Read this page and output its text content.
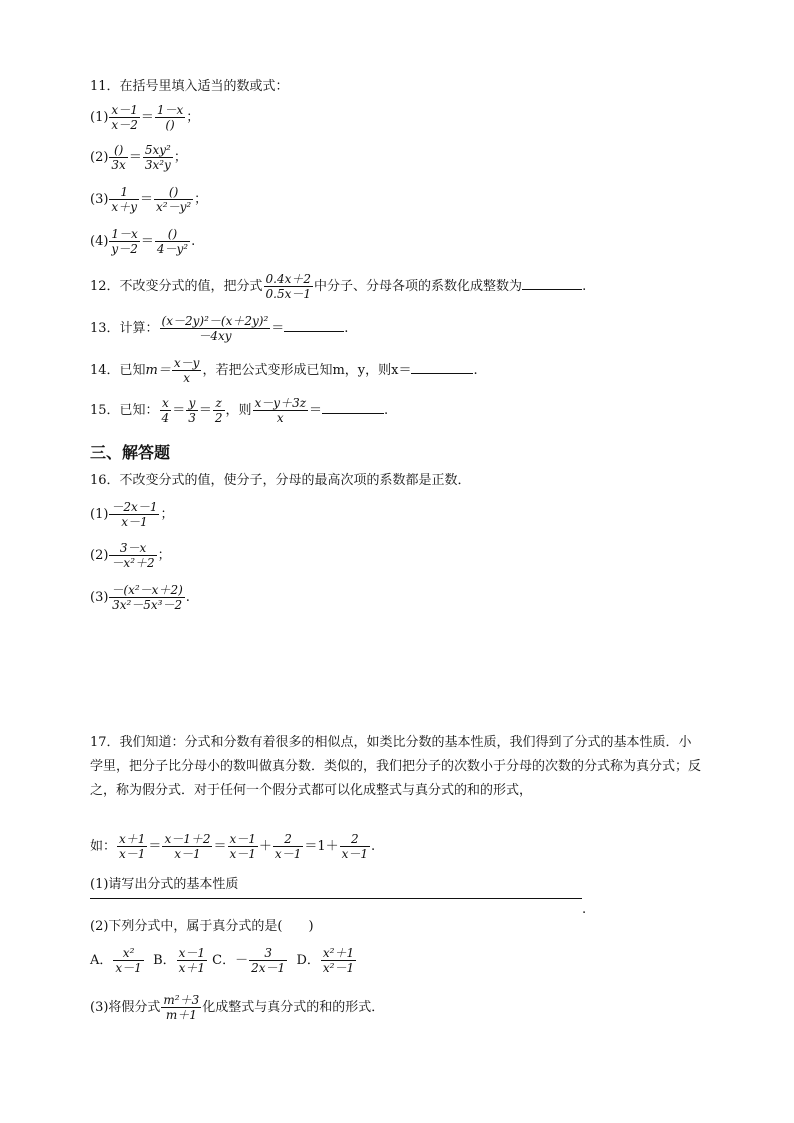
11．在括号里填入适当的数或式：
$(1) \frac{x-1}{x-2} = \frac{1-x}{()}$ ；
$(2) \frac{()}{3x} = \frac{\text{5xy²}}{\text{3x²y}}$ ；
$(3) \frac{1}{x+y} = \frac{()}{\text{x²－y²}}$ ；
$(4) \frac{1-x}{y-2} = \frac{()}{\text{4－y²}}$ .
12．不改变分式的值，把分式 $\frac{0.4x+2}{0.5x-1}$ 中分子、分母各项的系数化成整数为	.
13．计算： $\frac{\text{(x－2y)²－(x＋2y)²}}{-4xy}$ ＝	.
14．已知$m= \frac{x-y}{x}$ ，若把公式变形成已知m，y，则x＝	.
15．已知： $\frac{x}{4} = \frac{y}{3} = \frac{z}{2}$ ，则 $\frac{x-y+3z}{x}$ ＝	.
三、解答题
16．不改变分式的值，使分子，分母的最高次项的系数都是正数．
$(1) \frac{-2x-1}{x-1}$ ；
$(2) \frac{3-x}{\text{－x²＋2}}$ ；
$(3) \frac{\text{－(x²－x＋2)}}{\text{3x²－5x³－2}}$ .
17．我们知道：分式和分数有着很多的相似点，如类比分数的基本性质，我们得到了分式的基本性质．小学里，把分子比分母小的数叫做真分数．类似的，我们把分子的次数小于分母的次数的分式称为真分式；反之，称为假分式．对于任何一个假分式都可以化成整式与真分式的和的形式，
如： $\frac{x+1}{x-1} = \frac{x-1+2}{x-1} = \frac{x-1}{x-1} + \frac{2}{x-1} =1+ \frac{2}{x-1}$ .
(1)请写出分式的基本性质
.
(2)下列分式中，属于真分式的是(　　)
A． $\frac{\text{x²}}{x-1}$ B． $\frac{x-1}{x+1}$ C．－ $\frac{3}{2x-1}$ D． $\frac{\text{x²＋1}}{\text{x²－1}}$
(3)将假分式 $\frac{\text{m²＋3}}{m+1}$ 化成整式与真分式的和的形式．
